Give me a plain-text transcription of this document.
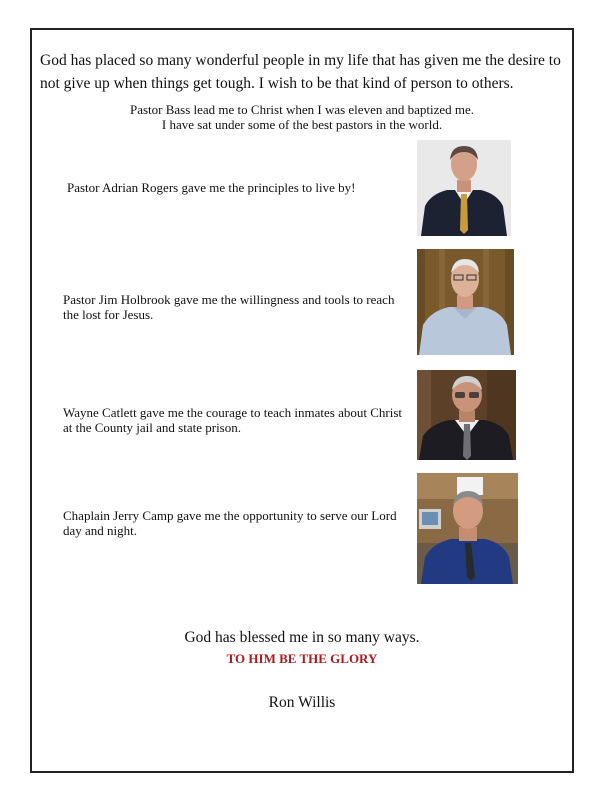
God has placed so many wonderful people in my life that has given me the desire to not give up when things get tough. I wish to be that kind of person to others.

Pastor Bass lead me to Christ when I was eleven and baptized me.
I have sat under some of the best pastors in the world.

Pastor Adrian Rogers gave me the principles to live by!

Pastor Jim Holbrook gave me the willingness and tools to reach the lost for Jesus.

Wayne Catlett gave me the courage to teach inmates about Christ at the County jail and state prison.

Chaplain Jerry Camp gave me the opportunity to serve our Lord day and night.

God has blessed me in so many ways.

TO HIM BE THE GLORY

Ron Willis
